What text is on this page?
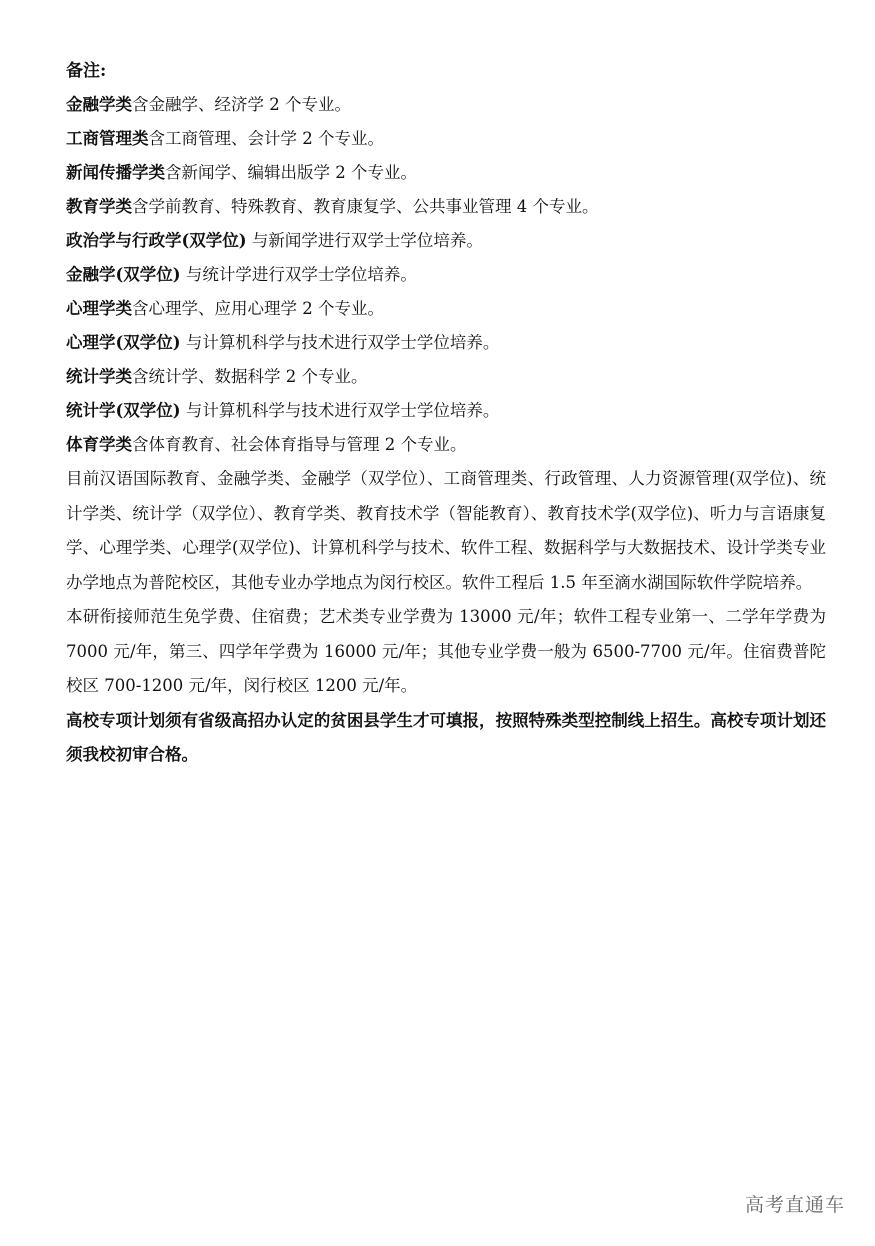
备注:

金融学类含金融学、经济学 2 个专业。

工商管理类含工商管理、会计学 2 个专业。

新闻传播学类含新闻学、编辑出版学 2 个专业。

教育学类含学前教育、特殊教育、教育康复学、公共事业管理 4 个专业。

政治学与行政学(双学位) 与新闻学进行双学士学位培养。

金融学(双学位) 与统计学进行双学士学位培养。

心理学类含心理学、应用心理学 2 个专业。

心理学(双学位) 与计算机科学与技术进行双学士学位培养。

统计学类含统计学、数据科学 2 个专业。

统计学(双学位) 与计算机科学与技术进行双学士学位培养。

体育学类含体育教育、社会体育指导与管理 2 个专业。

目前汉语国际教育、金融学类、金融学（双学位）、工商管理类、行政管理、人力资源管理(双学位)、统计学类、统计学（双学位）、教育学类、教育技术学（智能教育）、教育技术学(双学位)、听力与言语康复学、心理学类、心理学(双学位)、计算机科学与技术、软件工程、数据科学与大数据技术、设计学类专业办学地点为普陀校区，其他专业办学地点为闵行校区。软件工程后 1.5 年至滴水湖国际软件学院培养。

本研衔接师范生免学费、住宿费；艺术类专业学费为 13000 元/年；软件工程专业第一、二学年学费为 7000 元/年，第三、四学年学费为 16000 元/年；其他专业学费一般为 6500-7700 元/年。住宿费普陀校区 700-1200 元/年，闵行校区 1200 元/年。

高校专项计划须有省级高招办认定的贫困县学生才可填报，按照特殊类型控制线上招生。高校专项计划还须我校初审合格。

高考直通车
